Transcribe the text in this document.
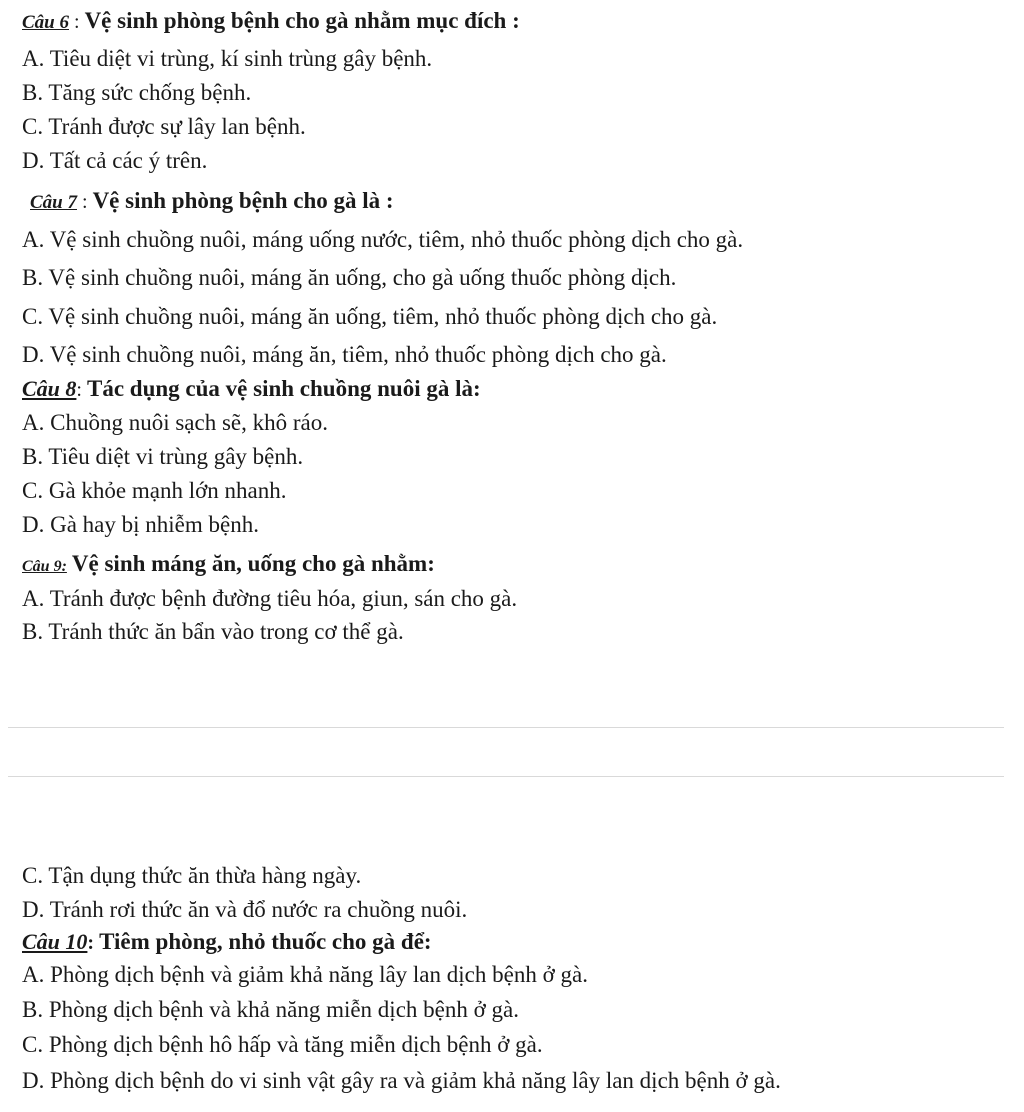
Câu 6 : Vệ sinh phòng bệnh cho gà nhằm mục đích :
A. Tiêu diệt vi trùng, kí sinh trùng gây bệnh.
B. Tăng sức chống bệnh.
C. Tránh được sự lây lan bệnh.
D. Tất cả các ý trên.
Câu 7 : Vệ sinh phòng bệnh cho gà là :
A. Vệ sinh chuồng nuôi, máng uống nước, tiêm, nhỏ thuốc phòng dịch cho gà.
B. Vệ sinh chuồng nuôi, máng ăn uống, cho gà uống thuốc phòng dịch.
C. Vệ sinh chuồng nuôi, máng ăn uống, tiêm, nhỏ thuốc phòng dịch cho gà.
D. Vệ sinh chuồng nuôi, máng ăn, tiêm, nhỏ thuốc phòng dịch cho gà.
Câu 8: Tác dụng của vệ sinh chuồng nuôi gà là:
A. Chuồng nuôi sạch sẽ, khô ráo.
B. Tiêu diệt vi trùng gây bệnh.
C. Gà khỏe mạnh lớn nhanh.
D. Gà hay bị nhiễm bệnh.
Câu 9: Vệ sinh máng ăn, uống cho gà nhằm:
A. Tránh được bệnh đường tiêu hóa, giun, sán cho gà.
B. Tránh thức ăn bẩn vào trong cơ thể gà.
C. Tận dụng thức ăn thừa hàng ngày.
D. Tránh rơi thức ăn và đổ nước ra chuồng nuôi.
Câu 10: Tiêm phòng, nhỏ thuốc cho gà để:
A. Phòng dịch bệnh và giảm khả năng lây lan dịch bệnh ở gà.
B. Phòng dịch bệnh và khả năng miễn dịch bệnh ở gà.
C. Phòng dịch bệnh hô hấp và tăng miễn dịch bệnh ở gà.
D. Phòng dịch bệnh do vi sinh vật gây ra và giảm khả năng lây lan dịch bệnh ở gà.
